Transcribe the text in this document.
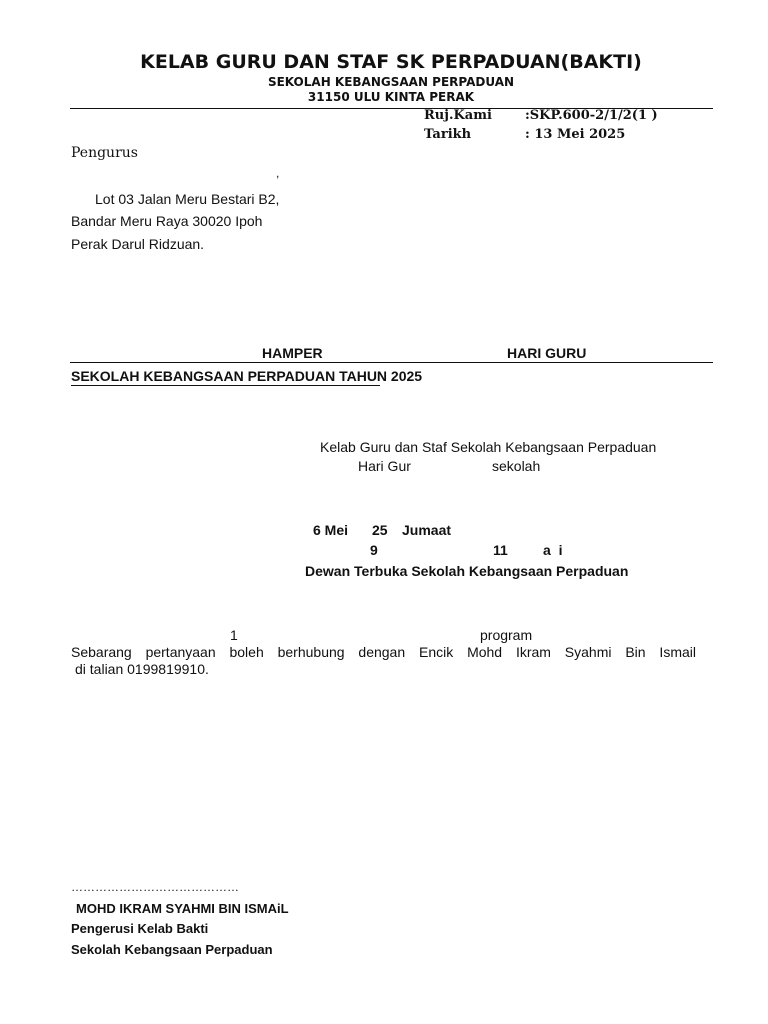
KELAB GURU DAN STAF SK PERPADUAN(BAKTI)
SEKOLAH KEBANGSAAN PERPADUAN
31150 ULU KINTA PERAK
Ruj.Kami	:SKP.600-2/1/2(1 )
Tarikh	: 13 Mei 2025
Pengurus
,
Lot 03 Jalan Meru Bestari B2,
Bandar Meru Raya 30020 Ipoh
Perak Darul Ridzuan.
HAMPER	HARI GURU
SEKOLAH KEBANGSAAN PERPADUAN TAHUN 2025
Kelab Guru dan Staf Sekolah Kebangsaan Perpaduan
Hari Gur	sekolah
6 Mei 25 Jumaat
9	11	a  i
Dewan Terbuka Sekolah Kebangsaan Perpaduan
1	program
Sebarang pertanyaan boleh berhubung dengan Encik Mohd Ikram Syahmi Bin Ismail
di talian 0199819910.
……………………………………
MOHD IKRAM SYAHMI BIN ISMAiL
Pengerusi Kelab Bakti
Sekolah Kebangsaan Perpaduan
